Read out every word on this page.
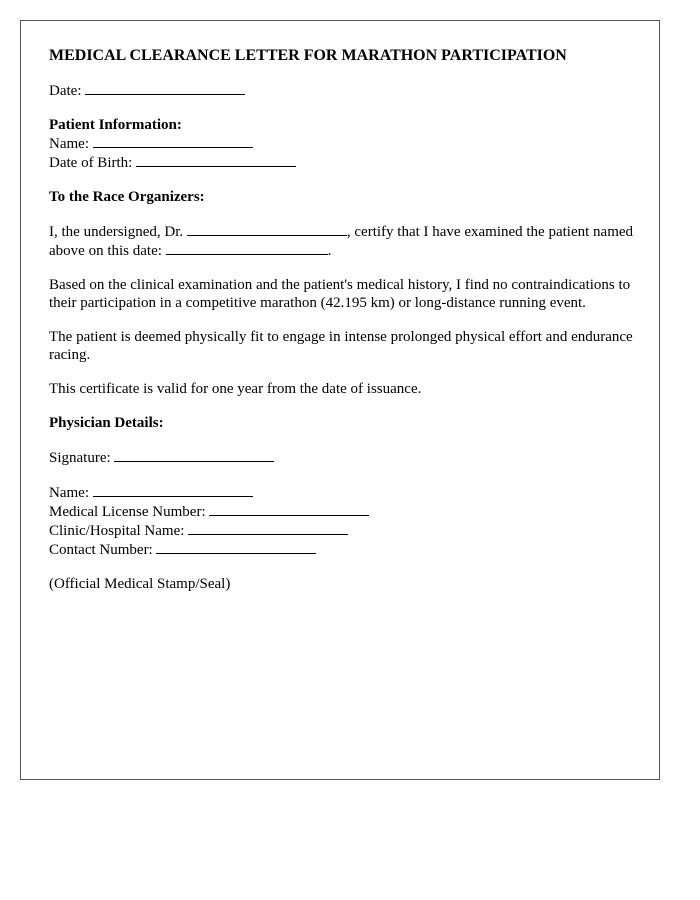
MEDICAL CLEARANCE LETTER FOR MARATHON PARTICIPATION
Date:
Patient Information:
Name:
Date of Birth:
To the Race Organizers:
I, the undersigned, Dr.	, certify that I have examined the patient named above on this date:	.
Based on the clinical examination and the patient's medical history, I find no contraindications to their participation in a competitive marathon (42.195 km) or long-distance running event.
The patient is deemed physically fit to engage in intense prolonged physical effort and endurance racing.
This certificate is valid for one year from the date of issuance.
Physician Details:
Signature:
Name:
Medical License Number:
Clinic/Hospital Name:
Contact Number:
(Official Medical Stamp/Seal)
